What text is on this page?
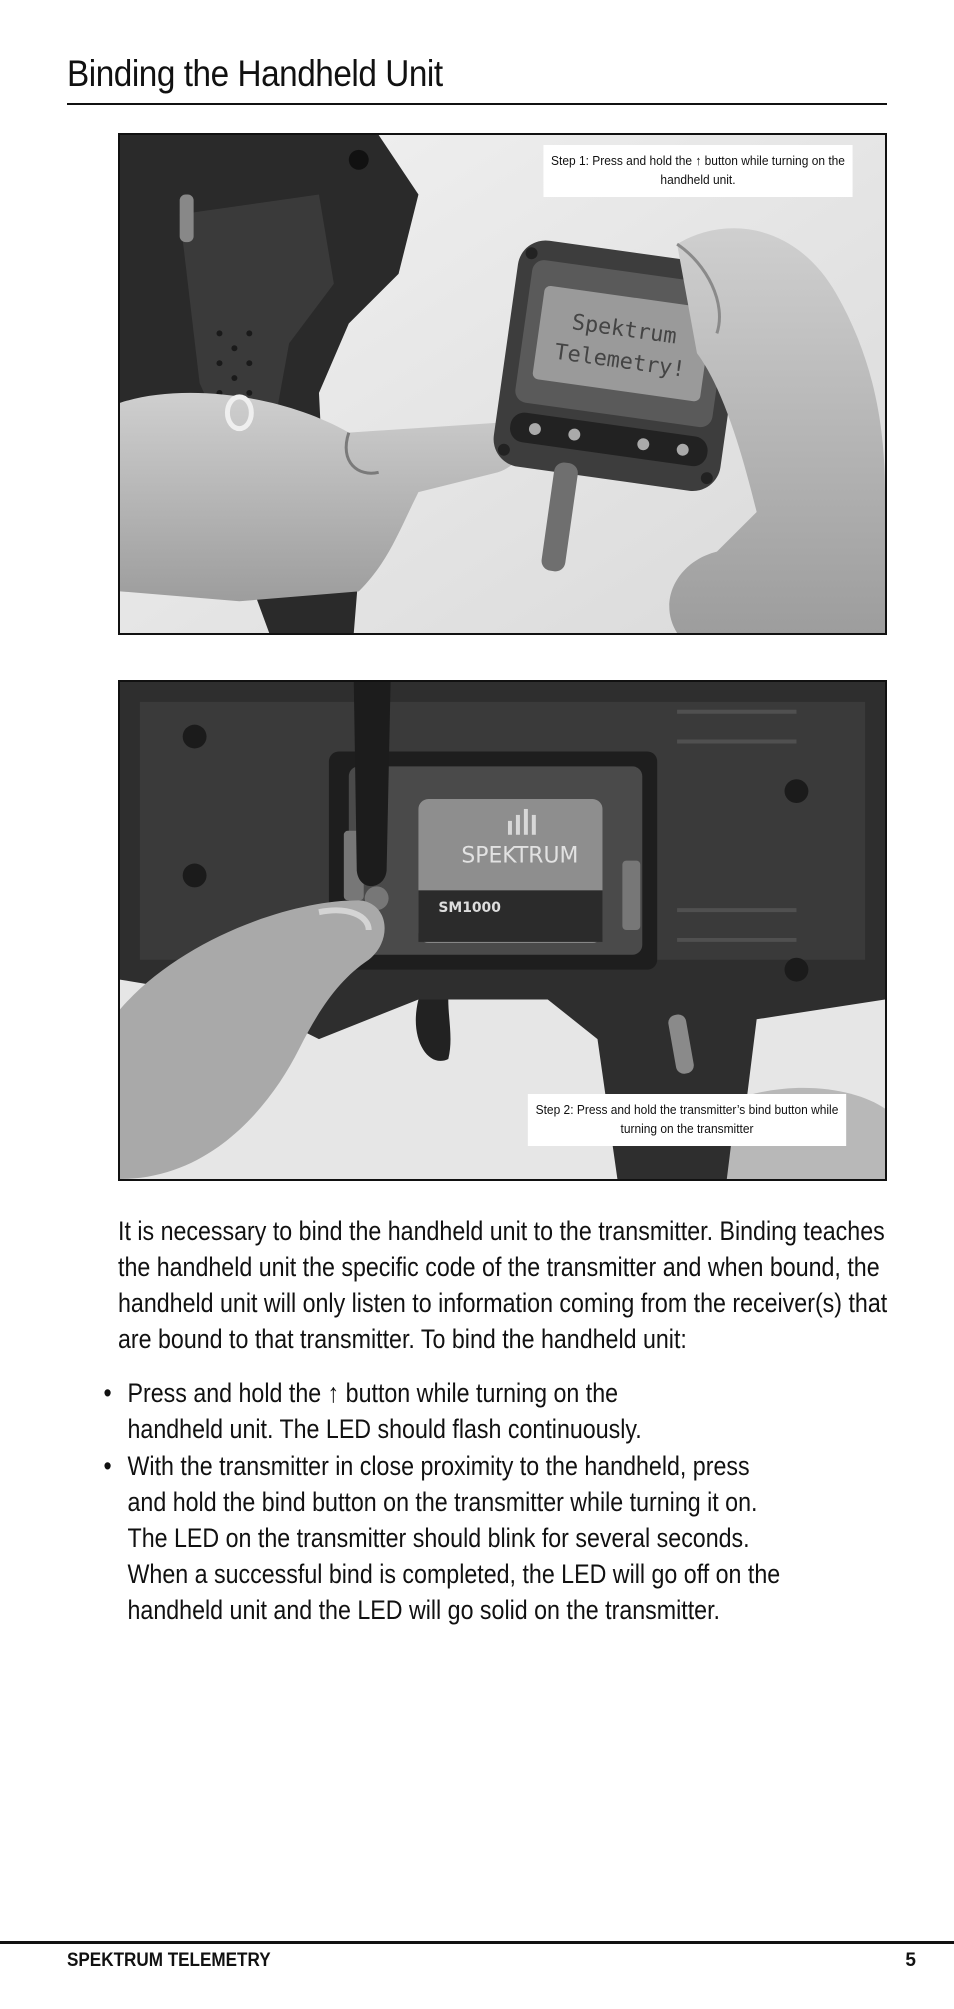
Binding the Handheld Unit
Spektrum
Telemetry!
Step 1: Press and hold the ↑ button while turning on the handheld unit.
SPEKTRUM
SM1000
Step 2: Press and hold the transmitter’s bind button while turning on the transmitter

It is necessary to bind the handheld unit to the transmitter. Binding teaches the handheld unit the specific code of the transmitter and when bound, the handheld unit will only listen to information coming from the receiver(s) that are bound to that transmitter. To bind the handheld unit:

• Press and hold the ↑ button while turning on the
handheld unit. The LED should flash continuously.
• With the transmitter in close proximity to the handheld, press
and hold the bind button on the transmitter while turning it on.
The LED on the transmitter should blink for several seconds.
When a successful bind is completed, the LED will go off on the
handheld unit and the LED will go solid on the transmitter.
SPEKTRUM TELEMETRY	5
